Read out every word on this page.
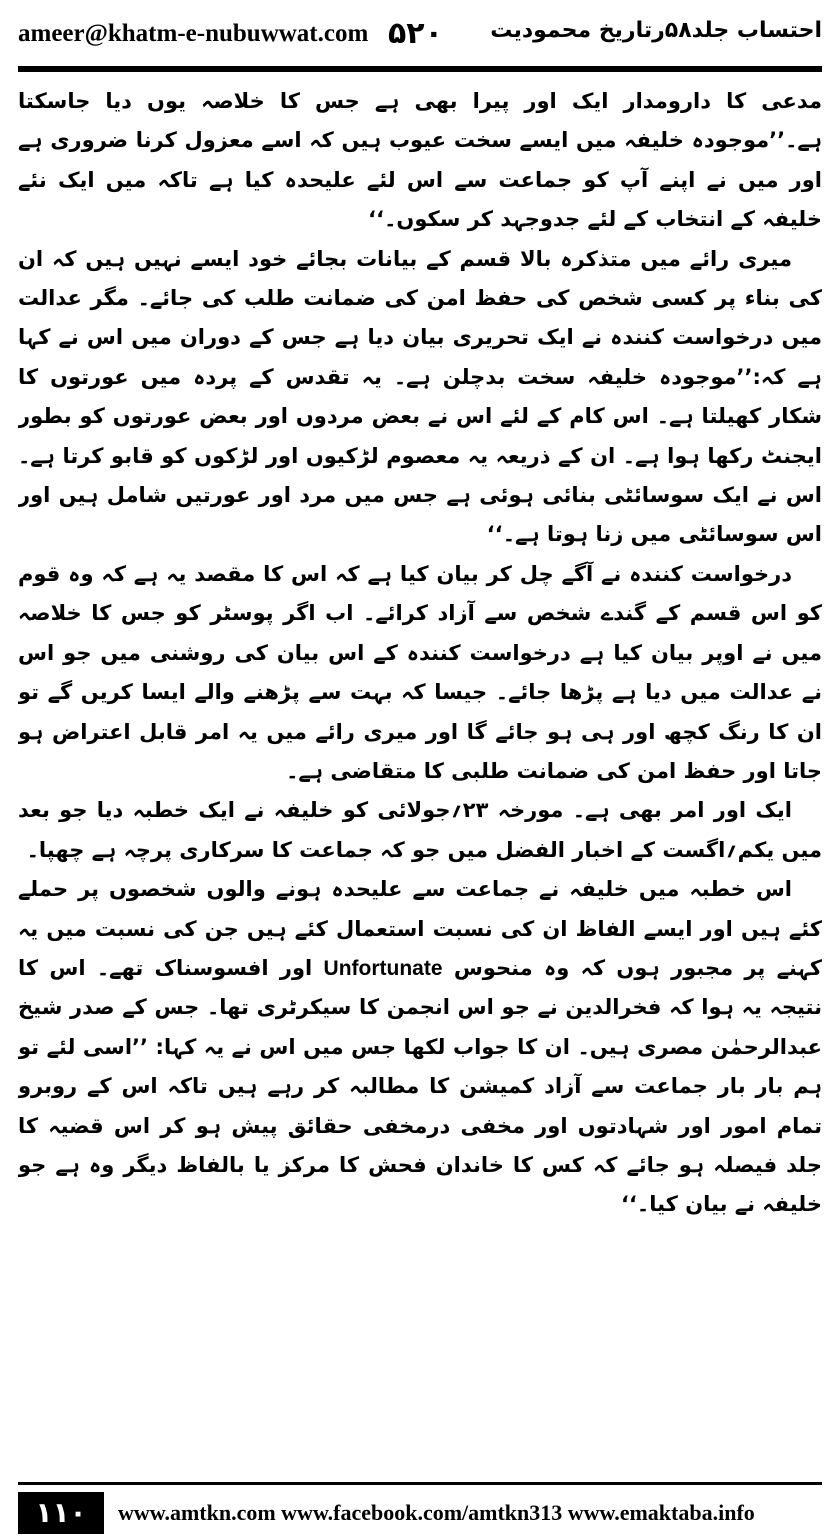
ameer@khatm-e-nubuwwat.com ۵۲۰ احتساب جلد۵۸رتاریخ محمودیت

مدعی کا دارومدار ایک اور پیرا بھی ہے جس کا خلاصہ یوں دیا جاسکتا ہے۔’’موجودہ خلیفہ میں ایسے سخت عیوب ہیں کہ اسے معزول کرنا ضروری ہے اور میں نے اپنے آپ کو جماعت سے اس لئے علیحدہ کیا ہے تاکہ میں ایک نئے خلیفہ کے انتخاب کے لئے جدوجہد کر سکوں۔‘‘

میری رائے میں متذکرہ بالا قسم کے بیانات بجائے خود ایسے نہیں ہیں کہ ان کی بناء پر کسی شخص کی حفظ امن کی ضمانت طلب کی جائے۔ مگر عدالت میں درخواست کنندہ نے ایک تحریری بیان دیا ہے جس کے دوران میں اس نے کہا ہے کہ:’’موجودہ خلیفہ سخت بدچلن ہے۔ یہ تقدس کے پردہ میں عورتوں کا شکار کھیلتا ہے۔ اس کام کے لئے اس نے بعض مردوں اور بعض عورتوں کو بطور ایجنٹ رکھا ہوا ہے۔ ان کے ذریعہ یہ معصوم لڑکیوں اور لڑکوں کو قابو کرتا ہے۔ اس نے ایک سوسائٹی بنائی ہوئی ہے جس میں مرد اور عورتیں شامل ہیں اور اس سوسائٹی میں زنا ہوتا ہے۔‘‘

درخواست کنندہ نے آگے چل کر بیان کیا ہے کہ اس کا مقصد یہ ہے کہ وہ قوم کو اس قسم کے گندے شخص سے آزاد کرائے۔ اب اگر پوسٹر کو جس کا خلاصہ میں نے اوپر بیان کیا ہے درخواست کنندہ کے اس بیان کی روشنی میں جو اس نے عدالت میں دیا ہے پڑھا جائے۔ جیسا کہ بہت سے پڑھنے والے ایسا کریں گے تو ان کا رنگ کچھ اور ہی ہو جائے گا اور میری رائے میں یہ امر قابل اعتراض ہو جاتا اور حفظ امن کی ضمانت طلبی کا متقاضی ہے۔

ایک اور امر بھی ہے۔ مورخہ ۲۳؍جولائی کو خلیفہ نے ایک خطبہ دیا جو بعد میں یکم؍اگست کے اخبار الفضل میں جو کہ جماعت کا سرکاری پرچہ ہے چھپا۔

اس خطبہ میں خلیفہ نے جماعت سے علیحدہ ہونے والوں شخصوں پر حملے کئے ہیں اور ایسے الفاظ ان کی نسبت استعمال کئے ہیں جن کی نسبت میں یہ کہنے پر مجبور ہوں کہ وہ منحوس Unfortunate اور افسوسناک تھے۔ اس کا نتیجہ یہ ہوا کہ فخرالدین نے جو اس انجمن کا سیکرٹری تھا۔ جس کے صدر شیخ عبدالرحمٰن مصری ہیں۔ ان کا جواب لکھا جس میں اس نے یہ کہا: ’’اسی لئے تو ہم بار بار جماعت سے آزاد کمیشن کا مطالبہ کر رہے ہیں تاکہ اس کے روبرو تمام امور اور شہادتوں اور مخفی درمخفی حقائق پیش ہو کر اس قضیہ کا جلد فیصلہ ہو جائے کہ کس کا خاندان فحش کا مرکز یا بالفاظ دیگر وہ ہے جو خلیفہ نے بیان کیا۔‘‘

۱۱۰	www.amtkn.com www.facebook.com/amtkn313 www.emaktaba.info
